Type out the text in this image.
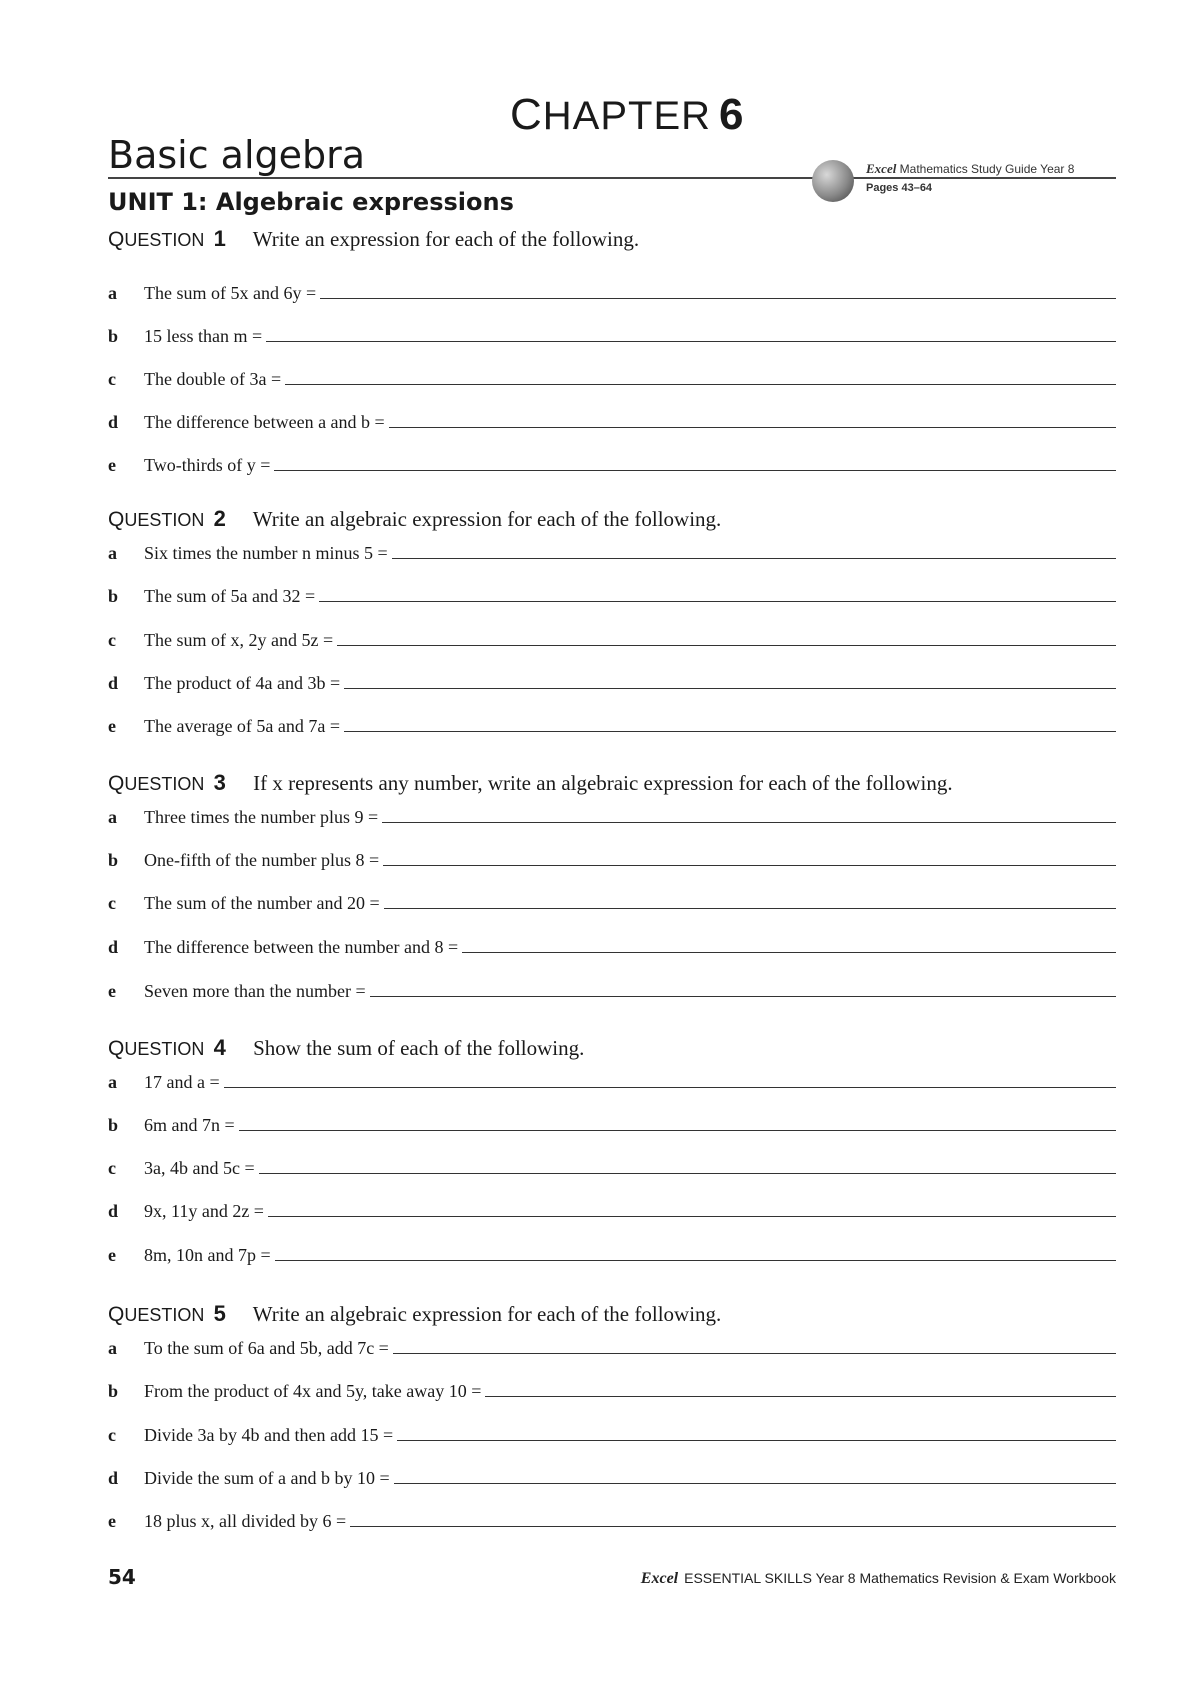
CHAPTER 6
Basic algebra
UNIT 1: Algebraic expressions
Excel Mathematics Study Guide Year 8
Pages 43–64
QUESTION 1 Write an expression for each of the following.
a	The sum of 5x and 6y =
b	15 less than m =
c	The double of 3a =
d	The difference between a and b =
e	Two-thirds of y =
QUESTION 2 Write an algebraic expression for each of the following.
a	Six times the number n minus 5 =
b	The sum of 5a and 32 =
c	The sum of x, 2y and 5z =
d	The product of 4a and 3b =
e	The average of 5a and 7a =
QUESTION 3 If x represents any number, write an algebraic expression for each of the following.
a	Three times the number plus 9 =
b	One-fifth of the number plus 8 =
c	The sum of the number and 20 =
d	The difference between the number and 8 =
e	Seven more than the number =
QUESTION 4 Show the sum of each of the following.
a	17 and a =
b	6m and 7n =
c	3a, 4b and 5c =
d	9x, 11y and 2z =
e	8m, 10n and 7p =
QUESTION 5 Write an algebraic expression for each of the following.
a	To the sum of 6a and 5b, add 7c =
b	From the product of 4x and 5y, take away 10 =
c	Divide 3a by 4b and then add 15 =
d	Divide the sum of a and b by 10 =
e	18 plus x, all divided by 6 =
54	Excel ESSENTIAL SKILLS Year 8 Mathematics Revision & Exam Workbook
